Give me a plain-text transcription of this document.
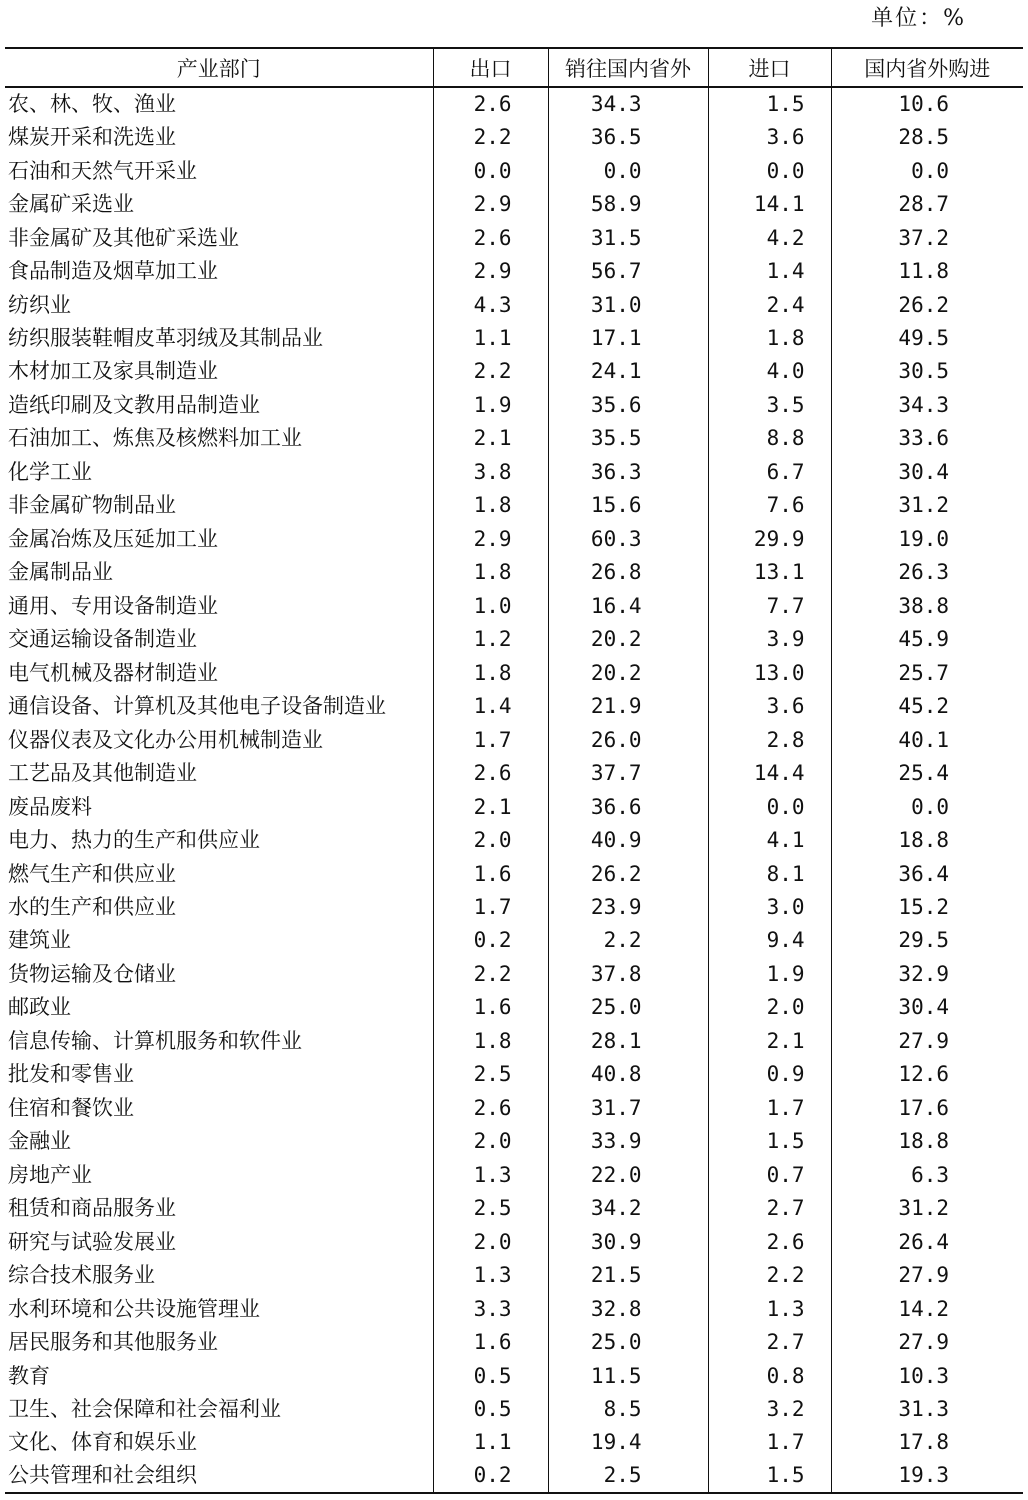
单位：%
产业部门	出口	销往国内省外	进口	国内省外购进
农、林、牧、渔业	2.6	34.3	1.5	10.6
煤炭开采和洗选业	2.2	36.5	3.6	28.5
石油和天然气开采业	0.0	0.0	0.0	0.0
金属矿采选业	2.9	58.9	14.1	28.7
非金属矿及其他矿采选业	2.6	31.5	4.2	37.2
食品制造及烟草加工业	2.9	56.7	1.4	11.8
纺织业	4.3	31.0	2.4	26.2
纺织服装鞋帽皮革羽绒及其制品业	1.1	17.1	1.8	49.5
木材加工及家具制造业	2.2	24.1	4.0	30.5
造纸印刷及文教用品制造业	1.9	35.6	3.5	34.3
石油加工、炼焦及核燃料加工业	2.1	35.5	8.8	33.6
化学工业	3.8	36.3	6.7	30.4
非金属矿物制品业	1.8	15.6	7.6	31.2
金属冶炼及压延加工业	2.9	60.3	29.9	19.0
金属制品业	1.8	26.8	13.1	26.3
通用、专用设备制造业	1.0	16.4	7.7	38.8
交通运输设备制造业	1.2	20.2	3.9	45.9
电气机械及器材制造业	1.8	20.2	13.0	25.7
通信设备、计算机及其他电子设备制造业	1.4	21.9	3.6	45.2
仪器仪表及文化办公用机械制造业	1.7	26.0	2.8	40.1
工艺品及其他制造业	2.6	37.7	14.4	25.4
废品废料	2.1	36.6	0.0	0.0
电力、热力的生产和供应业	2.0	40.9	4.1	18.8
燃气生产和供应业	1.6	26.2	8.1	36.4
水的生产和供应业	1.7	23.9	3.0	15.2
建筑业	0.2	2.2	9.4	29.5
货物运输及仓储业	2.2	37.8	1.9	32.9
邮政业	1.6	25.0	2.0	30.4
信息传输、计算机服务和软件业	1.8	28.1	2.1	27.9
批发和零售业	2.5	40.8	0.9	12.6
住宿和餐饮业	2.6	31.7	1.7	17.6
金融业	2.0	33.9	1.5	18.8
房地产业	1.3	22.0	0.7	6.3
租赁和商品服务业	2.5	34.2	2.7	31.2
研究与试验发展业	2.0	30.9	2.6	26.4
综合技术服务业	1.3	21.5	2.2	27.9
水利环境和公共设施管理业	3.3	32.8	1.3	14.2
居民服务和其他服务业	1.6	25.0	2.7	27.9
教育	0.5	11.5	0.8	10.3
卫生、社会保障和社会福利业	0.5	8.5	3.2	31.3
文化、体育和娱乐业	1.1	19.4	1.7	17.8
公共管理和社会组织	0.2	2.5	1.5	19.3
